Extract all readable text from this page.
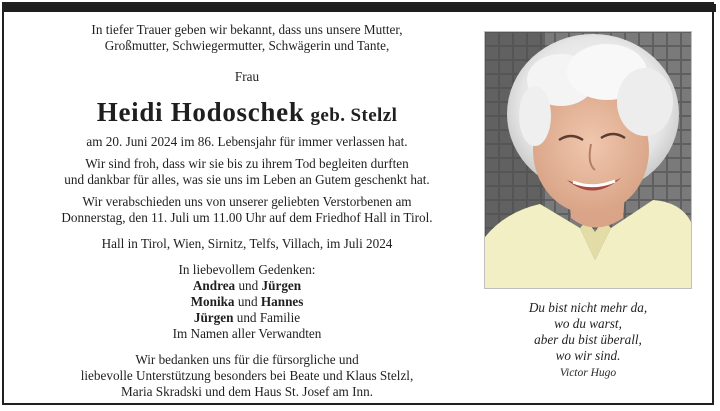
In tiefer Trauer geben wir bekannt, dass uns unsere Mutter,

Großmutter, Schwiegermutter, Schwägerin und Tante,

Frau

Heidi Hodoschek geb. Stelzl

am 20. Juni 2024 im 86. Lebensjahr für immer verlassen hat.

Wir sind froh, dass wir sie bis zu ihrem Tod begleiten durften

und dankbar für alles, was sie uns im Leben an Gutem geschenkt hat.

Wir verabschieden uns von unserer geliebten Verstorbenen am

Donnerstag, den 11. Juli um 11.00 Uhr auf dem Friedhof Hall in Tirol.

Hall in Tirol, Wien, Sirnitz, Telfs, Villach, im Juli 2024

In liebevollem Gedenken:

Andrea und Jürgen

Monika und Hannes

Jürgen und Familie

Im Namen aller Verwandten

Wir bedanken uns für die fürsorgliche und

liebevolle Unterstützung besonders bei Beate und Klaus Stelzl,

Maria Skradski und dem Haus St. Josef am Inn.

Du bist nicht mehr da,

wo du warst,

aber du bist überall,

wo wir sind.

Victor Hugo
